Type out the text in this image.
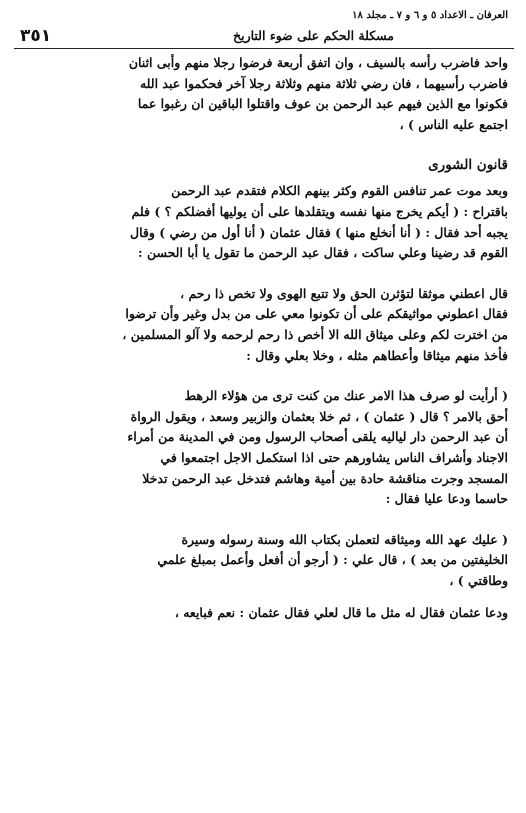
العرفان ـ الاعداد ٥ و ٦ و ٧ ـ مجلد ١٨
مسكلة الحكم على ضوء التاريخ
٣٥١

واحد فاضرب رأسه بالسيف ، وان اتفق أربعة فرضوا رجلا منهم وأبى اثنان
فاضرب رأسيهما ، فان رضي ثلاثة منهم وثلاثة رجلا آخر فحكموا عبد الله
فكونوا مع الذين فيهم عبد الرحمن بن عوف واقتلوا الباقين ان رغبوا عما
اجتمع عليه الناس ) ،

قانون الشورى

وبعد موت عمر تنافس القوم وكثر بينهم الكلام فتقدم عبد الرحمن
باقتراح : ( أيكم يخرج منها نفسه ويتقلدها على أن يوليها أفضلكم ؟ ) فلم
يجبه أحد فقال : ( أنا أنخلع منها ) فقال عثمان ( أنا أول من رضي ) وقال
القوم قد رضينا وعلي ساكت ، فقال عبد الرحمن ما تقول يا أبا الحسن :

قال اعطني موثقا لتؤثرن الحق ولا تتبع الهوى ولا تخص ذا رحم ،
فقال اعطوني مواثيقكم على أن تكونوا معي على من بدل وغير وأن ترضوا
من اخترت لكم وعلى ميثاق الله الا أخص ذا رحم لرحمه ولا آلو المسلمين ،
فأخذ منهم ميثاقا وأعطاهم مثله ، وخلا بعلي وقال :

( أرأيت لو صرف هذا الامر عنك من كنت ترى من هؤلاء الرهط
أحق بالامر ؟ قال ( عثمان ) ، ثم خلا بعثمان والزبير وسعد ، ويقول الرواة
أن عبد الرحمن دار لياليه يلقى أصحاب الرسول ومن في المدينة من أمراء
الاجناد وأشراف الناس يشاورهم حتى اذا استكمل الاجل اجتمعوا في
المسجد وجرت مناقشة حادة بين أمية وهاشم فتدخل عبد الرحمن تدخلا
حاسما ودعا عليا فقال :

( عليك عهد الله وميثاقه لتعملن بكتاب الله وسنة رسوله وسيرة
الخليفتين من بعد ) ، قال علي : ( أرجو أن أفعل وأعمل بمبلغ علمي
وطاقتي ) ،

ودعا عثمان فقال له مثل ما قال لعلي فقال عثمان : نعم فبايعه ،
